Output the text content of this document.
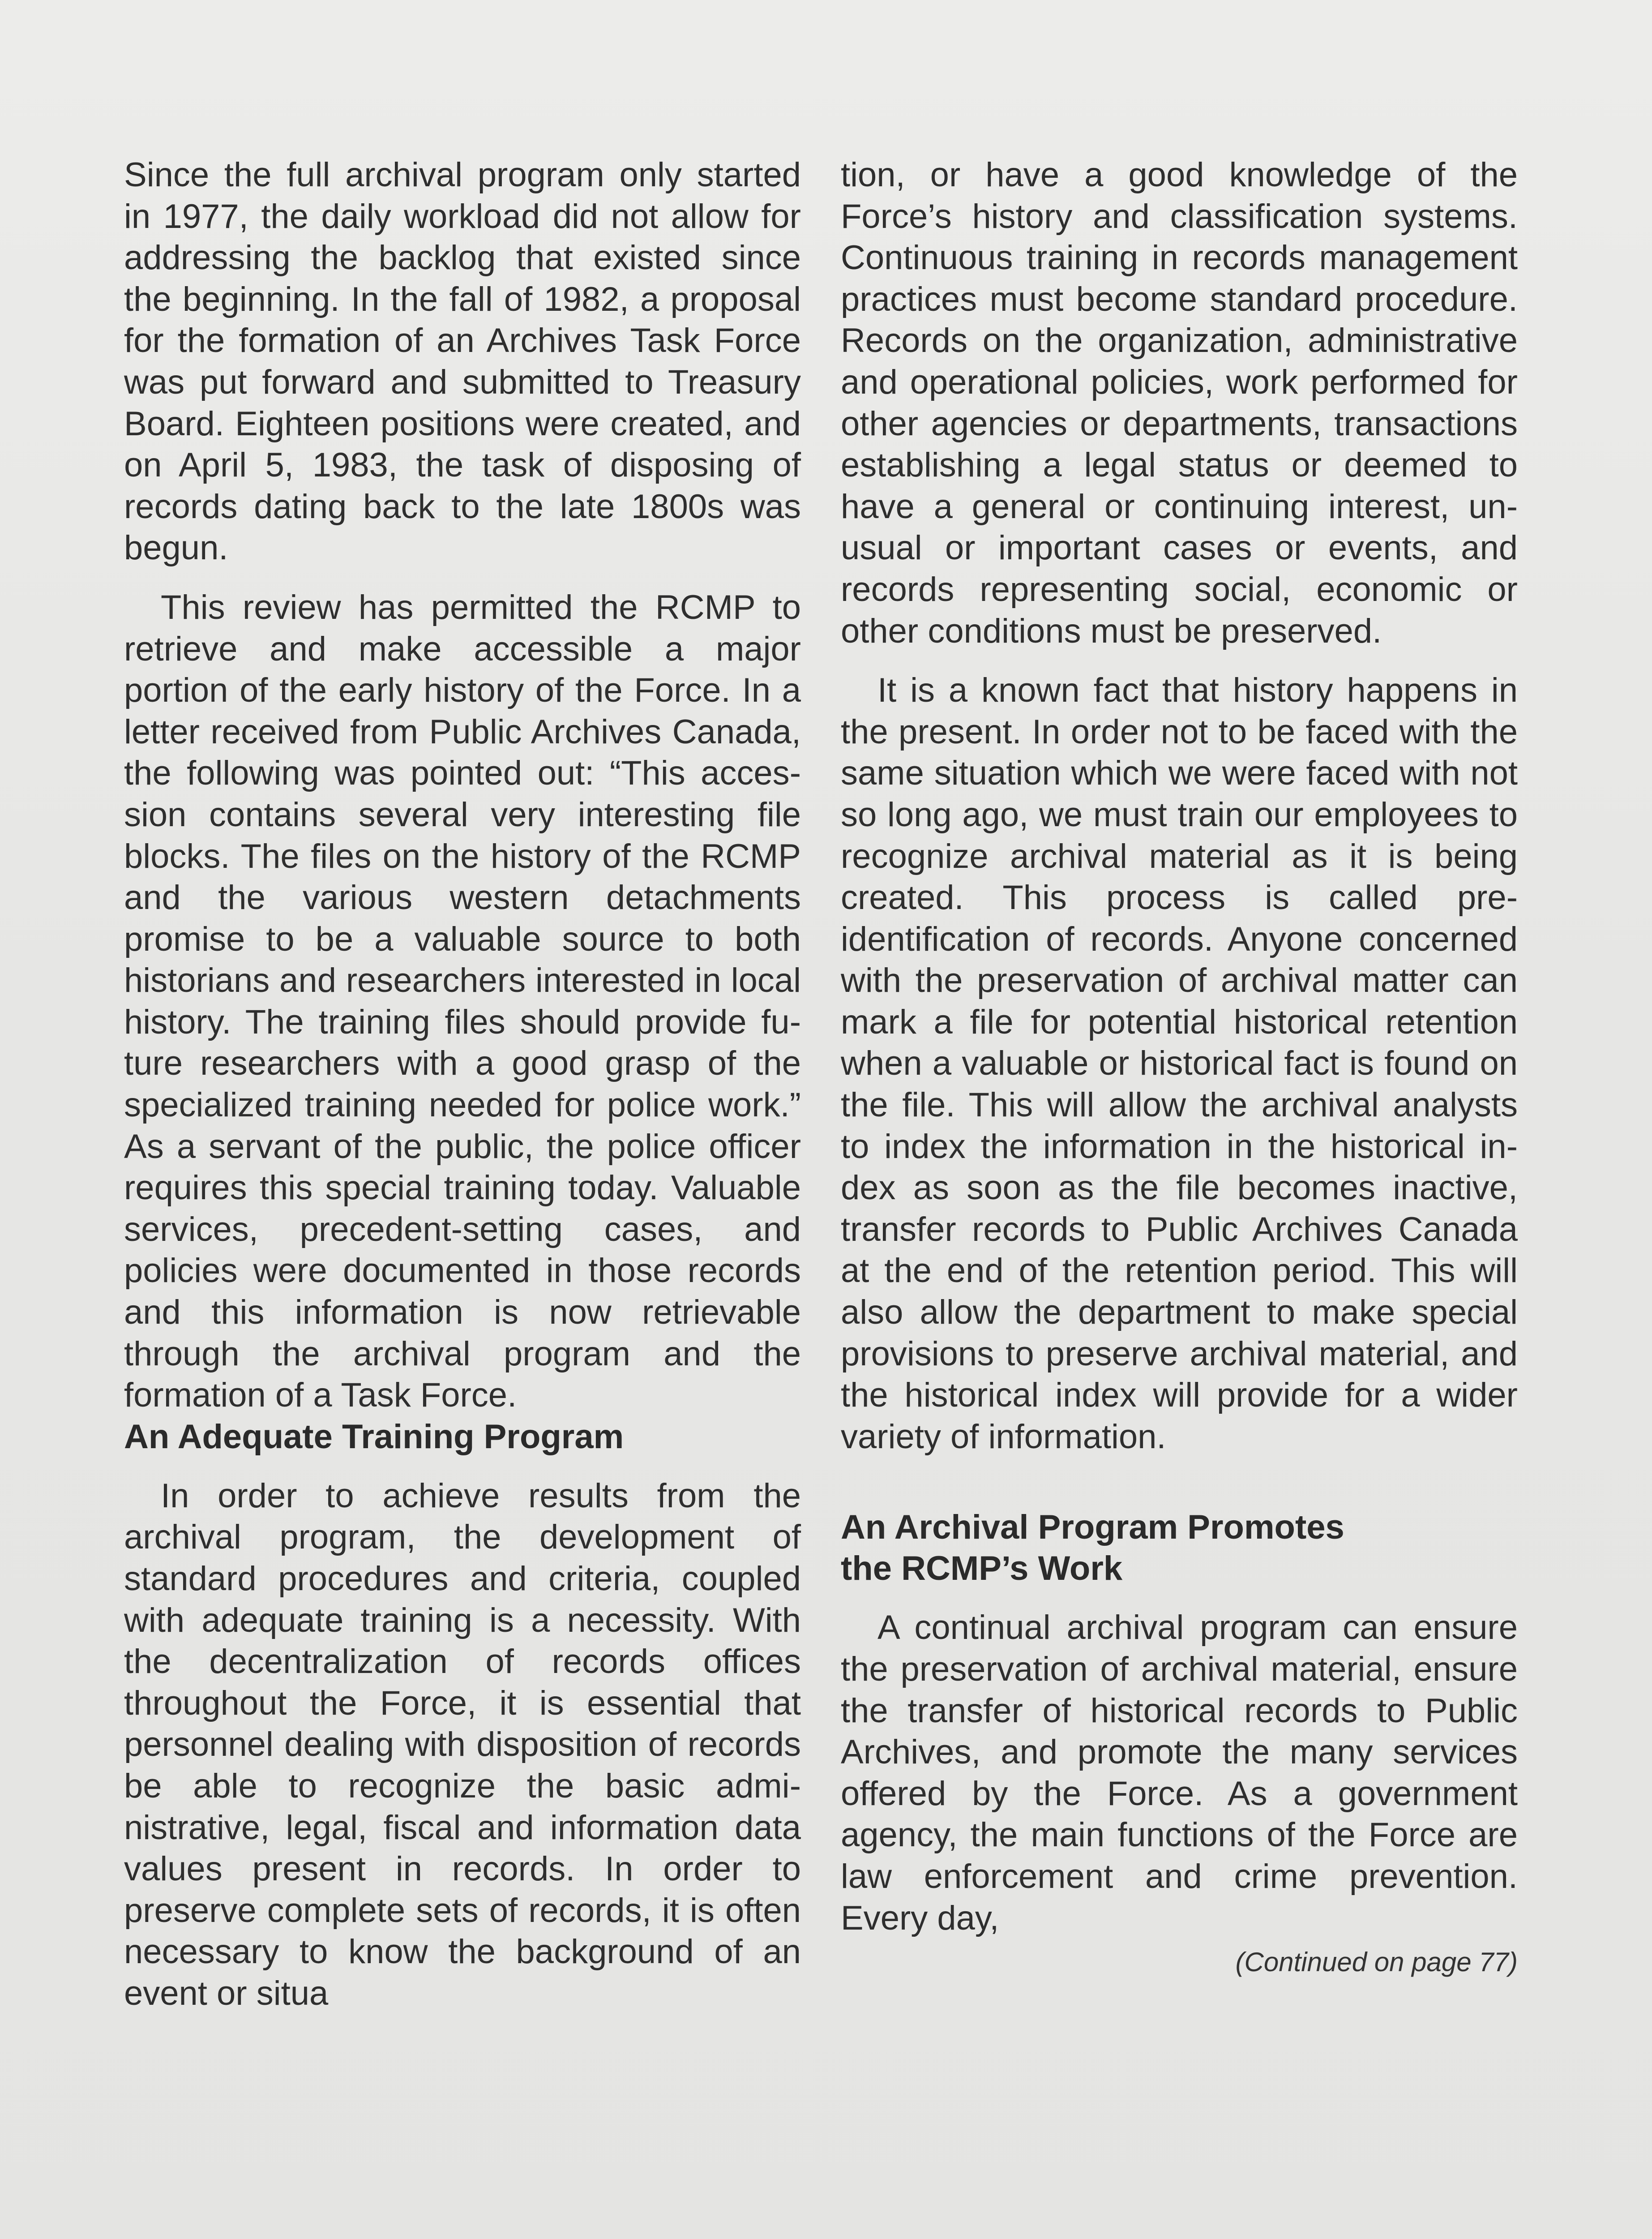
Since the full archival program only started in 1977, the daily workload did not allow for addressing the backlog that existed since the beginning. In the fall of 1982, a proposal for the formation of an Archives Task Force was put forward and submitted to Treasury Board. Eighteen positions were created, and on April 5, 1983, the task of disposing of records dating back to the late 1800s was begun.

This review has permitted the RCMP to retrieve and make accessible a major portion of the early history of the Force. In a letter received from Public Archives Canada, the following was pointed out: “This accession contains several very interesting file blocks. The files on the history of the RCMP and the various western detachments promise to be a valuable source to both historians and researchers interested in local history. The training files should provide future researchers with a good grasp of the specialized training needed for police work.” As a servant of the public, the police officer requires this special training today. Valuable services, precedent-setting cases, and policies were documented in those records and this information is now retrievable through the archival program and the formation of a Task Force.

An Adequate Training Program

In order to achieve results from the archival program, the development of standard procedures and criteria, coupled with adequate training is a necessity. With the decentralization of records offices throughout the Force, it is essential that personnel dealing with disposition of records be able to recognize the basic administrative, legal, fiscal and information data values present in records. In order to preserve complete sets of records, it is often necessary to know the background of an event or situa

tion, or have a good knowledge of the Force’s history and classification systems. Continuous training in records management practices must become standard procedure. Records on the organization, administrative and operational policies, work performed for other agencies or departments, transactions establishing a legal status or deemed to have a general or continuing interest, unusual or important cases or events, and records representing social, economic or other conditions must be preserved.

It is a known fact that history happens in the present. In order not to be faced with the same situation which we were faced with not so long ago, we must train our employees to recognize archival material as it is being created. This process is called pre-identification of records. Anyone concerned with the preservation of archival matter can mark a file for potential historical retention when a valuable or historical fact is found on the file. This will allow the archival analysts to index the information in the historical index as soon as the file becomes inactive, transfer records to Public Archives Canada at the end of the retention period. This will also allow the department to make special provisions to preserve archival material, and the historical index will provide for a wider variety of information.

An Archival Program Promotes
the RCMP’s Work

A continual archival program can ensure the preservation of archival material, ensure the transfer of historical records to Public Archives, and promote the many services offered by the Force. As a government agency, the main functions of the Force are law enforcement and crime prevention. Every day,

(Continued on page 77)
